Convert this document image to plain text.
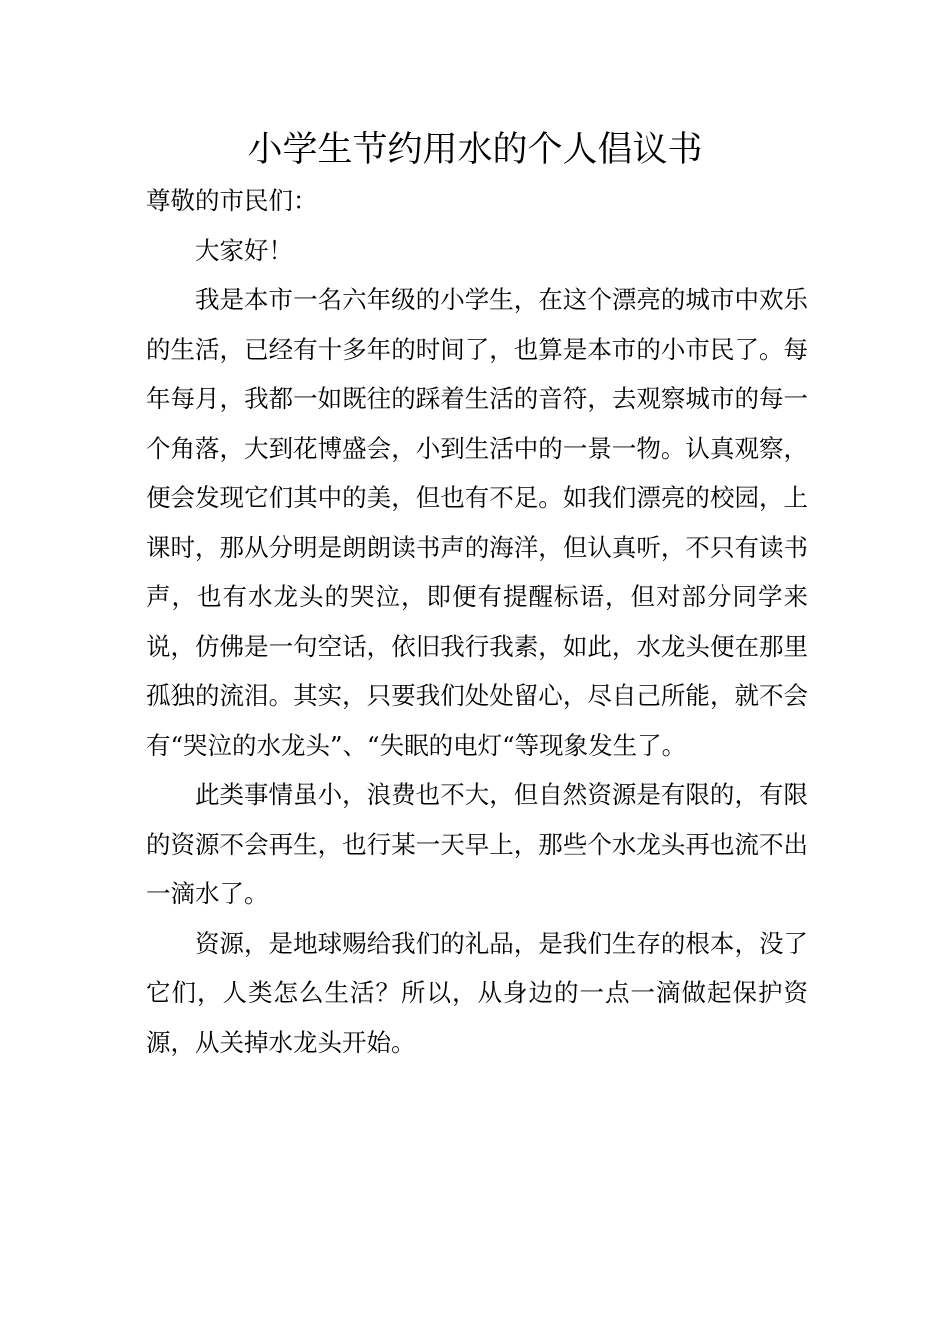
小学生节约用水的个人倡议书

尊敬的市民们：

大家好！

我是本市一名六年级的小学生，在这个漂亮的城市中欢乐的生活，已经有十多年的时间了，也算是本市的小市民了。每年每月，我都一如既往的踩着生活的音符，去观察城市的每一个角落，大到花博盛会，小到生活中的一景一物。认真观察，便会发现它们其中的美，但也有不足。如我们漂亮的校园，上课时，那从分明是朗朗读书声的海洋，但认真听，不只有读书声，也有水龙头的哭泣，即便有提醒标语，但对部分同学来说，仿佛是一句空话，依旧我行我素，如此，水龙头便在那里孤独的流泪。其实，只要我们处处留心，尽自己所能，就不会有“哭泣的水龙头”、“失眠的电灯“等现象发生了。

此类事情虽小，浪费也不大，但自然资源是有限的，有限的资源不会再生，也行某一天早上，那些个水龙头再也流不出一滴水了。

资源，是地球赐给我们的礼品，是我们生存的根本，没了它们，人类怎么生活？所以，从身边的一点一滴做起保护资源，从关掉水龙头开始。
